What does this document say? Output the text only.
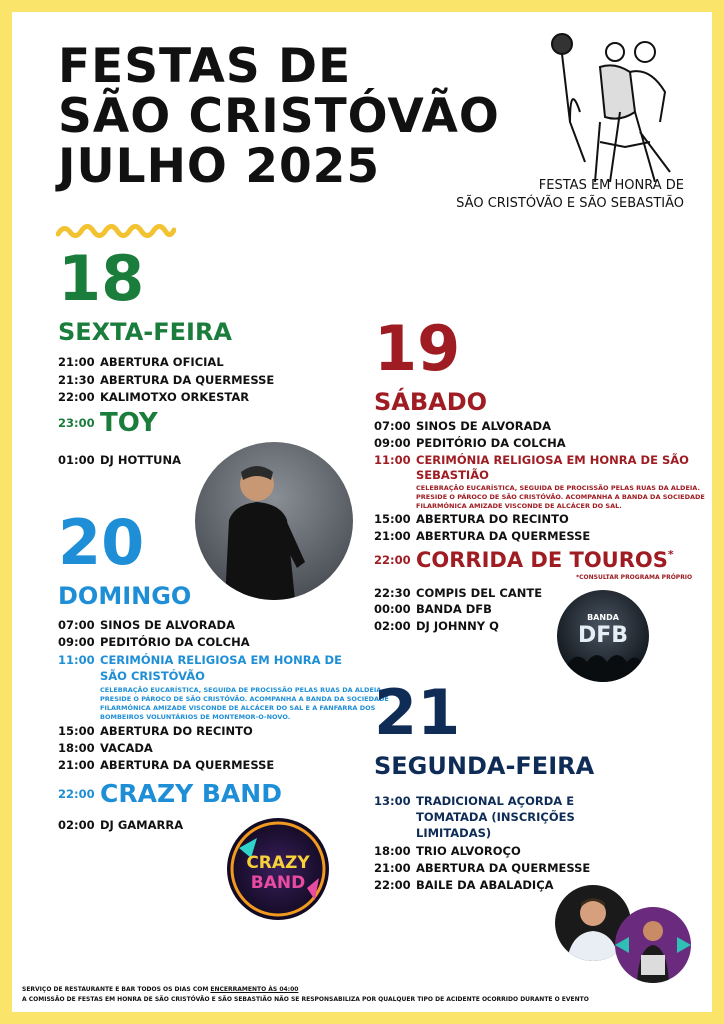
FESTAS DE
SÃO CRISTÓVÃO
JULHO 2025	FESTAS EM HONRA DE
SÃO CRISTÓVÃO E SÃO SEBASTIÃO
18
SEXTA-FEIRA
21:00 ABERTURA OFICIAL
21:30 ABERTURA DA QUERMESSE
22:00 KALIMOTXO ORKESTAR
23:00 TOY
01:00 DJ HOTTUNA
20
DOMINGO
07:00 SINOS DE ALVORADA
09:00 PEDITÓRIO DA COLCHA
11:00 CERIMÓNIA RELIGIOSA EM HONRA DE
SÃO CRISTÓVÃO
CELEBRAÇÃO EUCARÍSTICA, SEGUIDA DE PROCISSÃO PELAS RUAS DA ALDEIA.
PRESIDE O PÁROCO DE SÃO CRISTÓVÃO. ACOMPANHA A BANDA DA SOCIEDADE
FILARMÓNICA AMIZADE VISCONDE DE ALCÁCER DO SAL E A FANFARRA DOS
BOMBEIROS VOLUNTÁRIOS DE MONTEMOR-O-NOVO.
15:00 ABERTURA DO RECINTO
18:00 VACADA
21:00 ABERTURA DA QUERMESSE
22:00 CRAZY BAND
02:00 DJ GAMARRA
CRAZY
BAND
19
SÁBADO
07:00 SINOS DE ALVORADA
09:00 PEDITÓRIO DA COLCHA
11:00 CERIMÓNIA RELIGIOSA EM HONRA DE SÃO
SEBASTIÃO
CELEBRAÇÃO EUCARÍSTICA, SEGUIDA DE PROCISSÃO PELAS RUAS DA ALDEIA.
PRESIDE O PÁROCO DE SÃO CRISTÓVÃO. ACOMPANHA A BANDA DA SOCIEDADE
FILARMÓNICA AMIZADE VISCONDE DE ALCÁCER DO SAL.
15:00 ABERTURA DO RECINTO
21:00 ABERTURA DA QUERMESSE
22:00 CORRIDA DE TOUROS*
*CONSULTAR PROGRAMA PRÓPRIO
22:30 COMPIS DEL CANTE
00:00 BANDA DFB
02:00 DJ JOHNNY Q
BANDA
DFB
21
SEGUNDA-FEIRA
13:00 TRADICIONAL AÇORDA E
TOMATADA (INSCRIÇÕES
LIMITADAS)
18:00 TRIO ALVOROÇO
21:00 ABERTURA DA QUERMESSE
22:00 BAILE DA ABALADIÇA
SERVIÇO DE RESTAURANTE E BAR TODOS OS DIAS COM ENCERRAMENTO ÀS 04:00
A COMISSÃO DE FESTAS EM HONRA DE SÃO CRISTÓVÃO E SÃO SEBASTIÃO NÃO SE RESPONSABILIZA POR QUALQUER TIPO DE ACIDENTE OCORRIDO DURANTE O EVENTO
